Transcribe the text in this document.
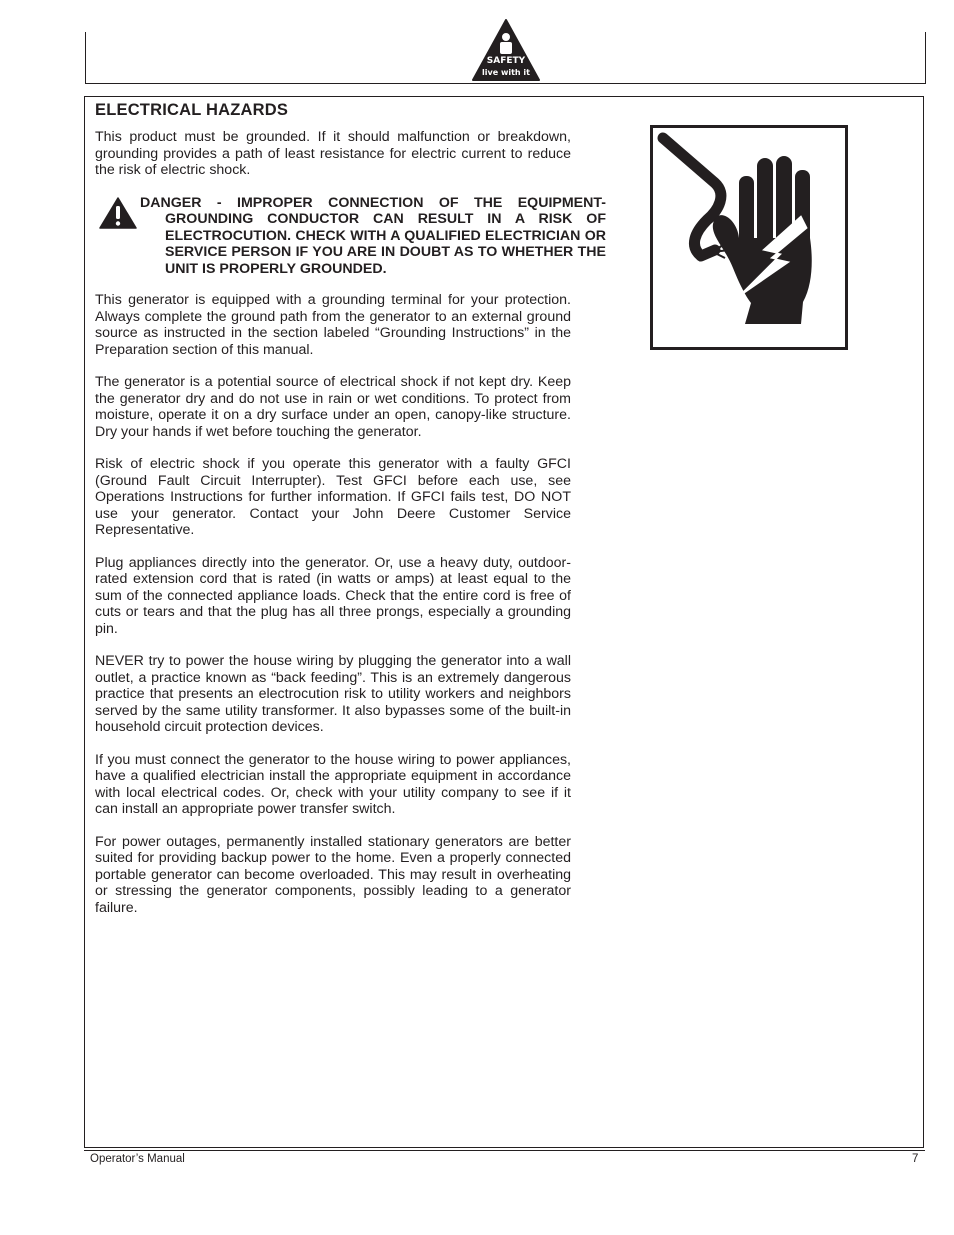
SAFETY
live with it
ELECTRICAL HAZARDS

This product must be grounded. If it should malfunction or breakdown, grounding provides a path of least resistance for electric current to reduce the risk of electric shock.

DANGER - IMPROPER CONNECTION OF THE EQUIPMENT-GROUNDING CONDUCTOR CAN RESULT IN A RISK OF ELECTROCUTION. CHECK WITH A QUALIFIED ELECTRICIAN OR SERVICE PERSON IF YOU ARE IN DOUBT AS TO WHETHER THE UNIT IS PROPERLY GROUNDED.

This generator is equipped with a grounding terminal for your protection. Always complete the ground path from the generator to an external ground source as instructed in the section labeled “Grounding Instructions” in the Preparation section of this manual.

The generator is a potential source of electrical shock if not kept dry. Keep the generator dry and do not use in rain or wet conditions. To protect from moisture, operate it on a dry surface under an open, canopy-like structure. Dry your hands if wet before touching the generator.

Risk of electric shock if you operate this generator with a faulty GFCI (Ground Fault Circuit Interrupter). Test GFCI before each use, see Operations Instructions for further information. If GFCI fails test, DO NOT use your generator. Contact your John Deere Customer Service Representative.

Plug appliances directly into the generator. Or, use a heavy duty, outdoor-rated extension cord that is rated (in watts or amps) at least equal to the sum of the connected appliance loads. Check that the entire cord is free of cuts or tears and that the plug has all three prongs, especially a grounding pin.

NEVER try to power the house wiring by plugging the generator into a wall outlet, a practice known as “back feeding”. This is an extremely dangerous practice that presents an electrocution risk to utility workers and neighbors served by the same utility transformer. It also bypasses some of the built-in household circuit protection devices.

If you must connect the generator to the house wiring to power appliances, have a qualified electrician install the appropriate equipment in accordance with local electrical codes. Or, check with your utility company to see if it can install an appropriate power transfer switch.

For power outages, permanently installed stationary generators are better suited for providing backup power to the home. Even a properly connected portable generator can become overloaded. This may result in overheating or stressing the generator components, possibly leading to a generator failure.

Operator’s Manual	7
